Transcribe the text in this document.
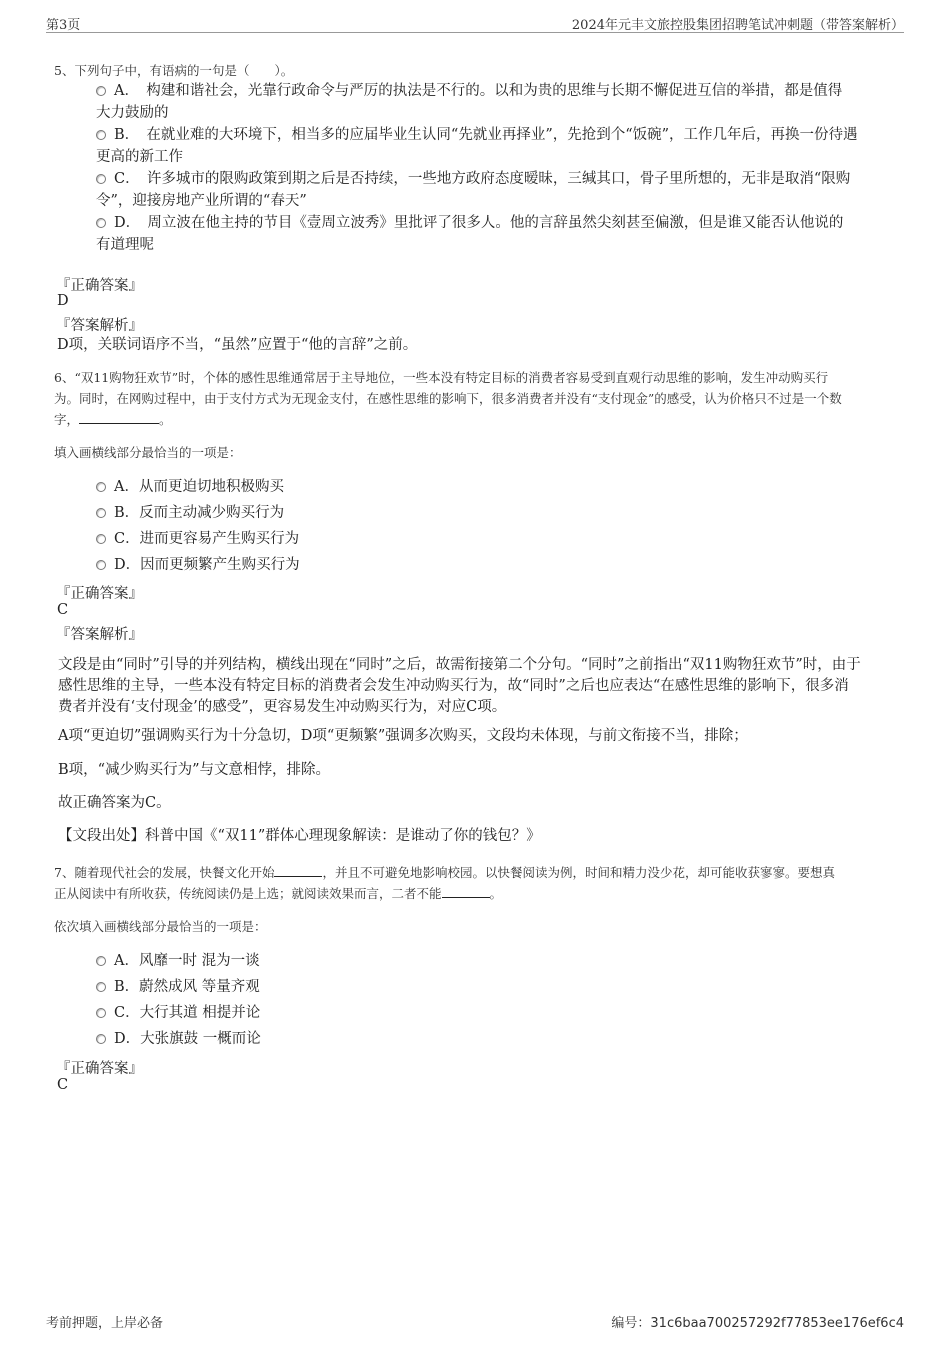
第3页	2024年元丰文旅控股集团招聘笔试冲刺题（带答案解析）
5、下列句子中，有语病的一句是（　　）。
A．　构建和谐社会，光靠行政命令与严厉的执法是不行的。以和为贵的思维与长期不懈促进互信的举措，都是值得
大力鼓励的
B．　在就业难的大环境下，相当多的应届毕业生认同“先就业再择业”，先抢到个“饭碗”，工作几年后，再换一份待遇
更高的新工作
C．　许多城市的限购政策到期之后是否持续，一些地方政府态度暧昧，三缄其口，骨子里所想的，无非是取消“限购
令”，迎接房地产业所谓的“春天”
D．　周立波在他主持的节目《壹周立波秀》里批评了很多人。他的言辞虽然尖刻甚至偏激，但是谁又能否认他说的
有道理呢
『正确答案』
D
『答案解析』
D项，关联词语序不当，“虽然”应置于“他的言辞”之前。
6、“双11购物狂欢节”时，个体的感性思维通常居于主导地位，一些本没有特定目标的消费者容易受到直观行动思维的影响，发生冲动购买行
为。同时，在网购过程中，由于支付方式为无现金支付，在感性思维的影响下，很多消费者并没有“支付现金”的感受，认为价格只不过是一个数
字，	。
填入画横线部分最恰当的一项是：
A．从而更迫切地积极购买
B．反而主动减少购买行为
C．进而更容易产生购买行为
D．因而更频繁产生购买行为
『正确答案』
C
『答案解析』
文段是由“同时”引导的并列结构，横线出现在“同时”之后，故需衔接第二个分句。“同时”之前指出“双11购物狂欢节”时，由于
感性思维的主导，一些本没有特定目标的消费者会发生冲动购买行为，故“同时”之后也应表达“在感性思维的影响下，很多消
费者并没有‘支付现金’的感受”，更容易发生冲动购买行为，对应C项。
A项“更迫切”强调购买行为十分急切，D项“更频繁”强调多次购买，文段均未体现，与前文衔接不当，排除；
B项，“减少购买行为”与文意相悖，排除。
故正确答案为C。
【文段出处】科普中国《“双11”群体心理现象解读：是谁动了你的钱包？》
7、随着现代社会的发展，快餐文化开始	，并且不可避免地影响校园。以快餐阅读为例，时间和精力没少花，却可能收获寥寥。要想真
正从阅读中有所收获，传统阅读仍是上选；就阅读效果而言，二者不能	。
依次填入画横线部分最恰当的一项是：
A．风靡一时 混为一谈
B．蔚然成风 等量齐观
C．大行其道 相提并论
D．大张旗鼓 一概而论
『正确答案』
C
考前押题，上岸必备	编号：31c6baa700257292f77853ee176ef6c4
